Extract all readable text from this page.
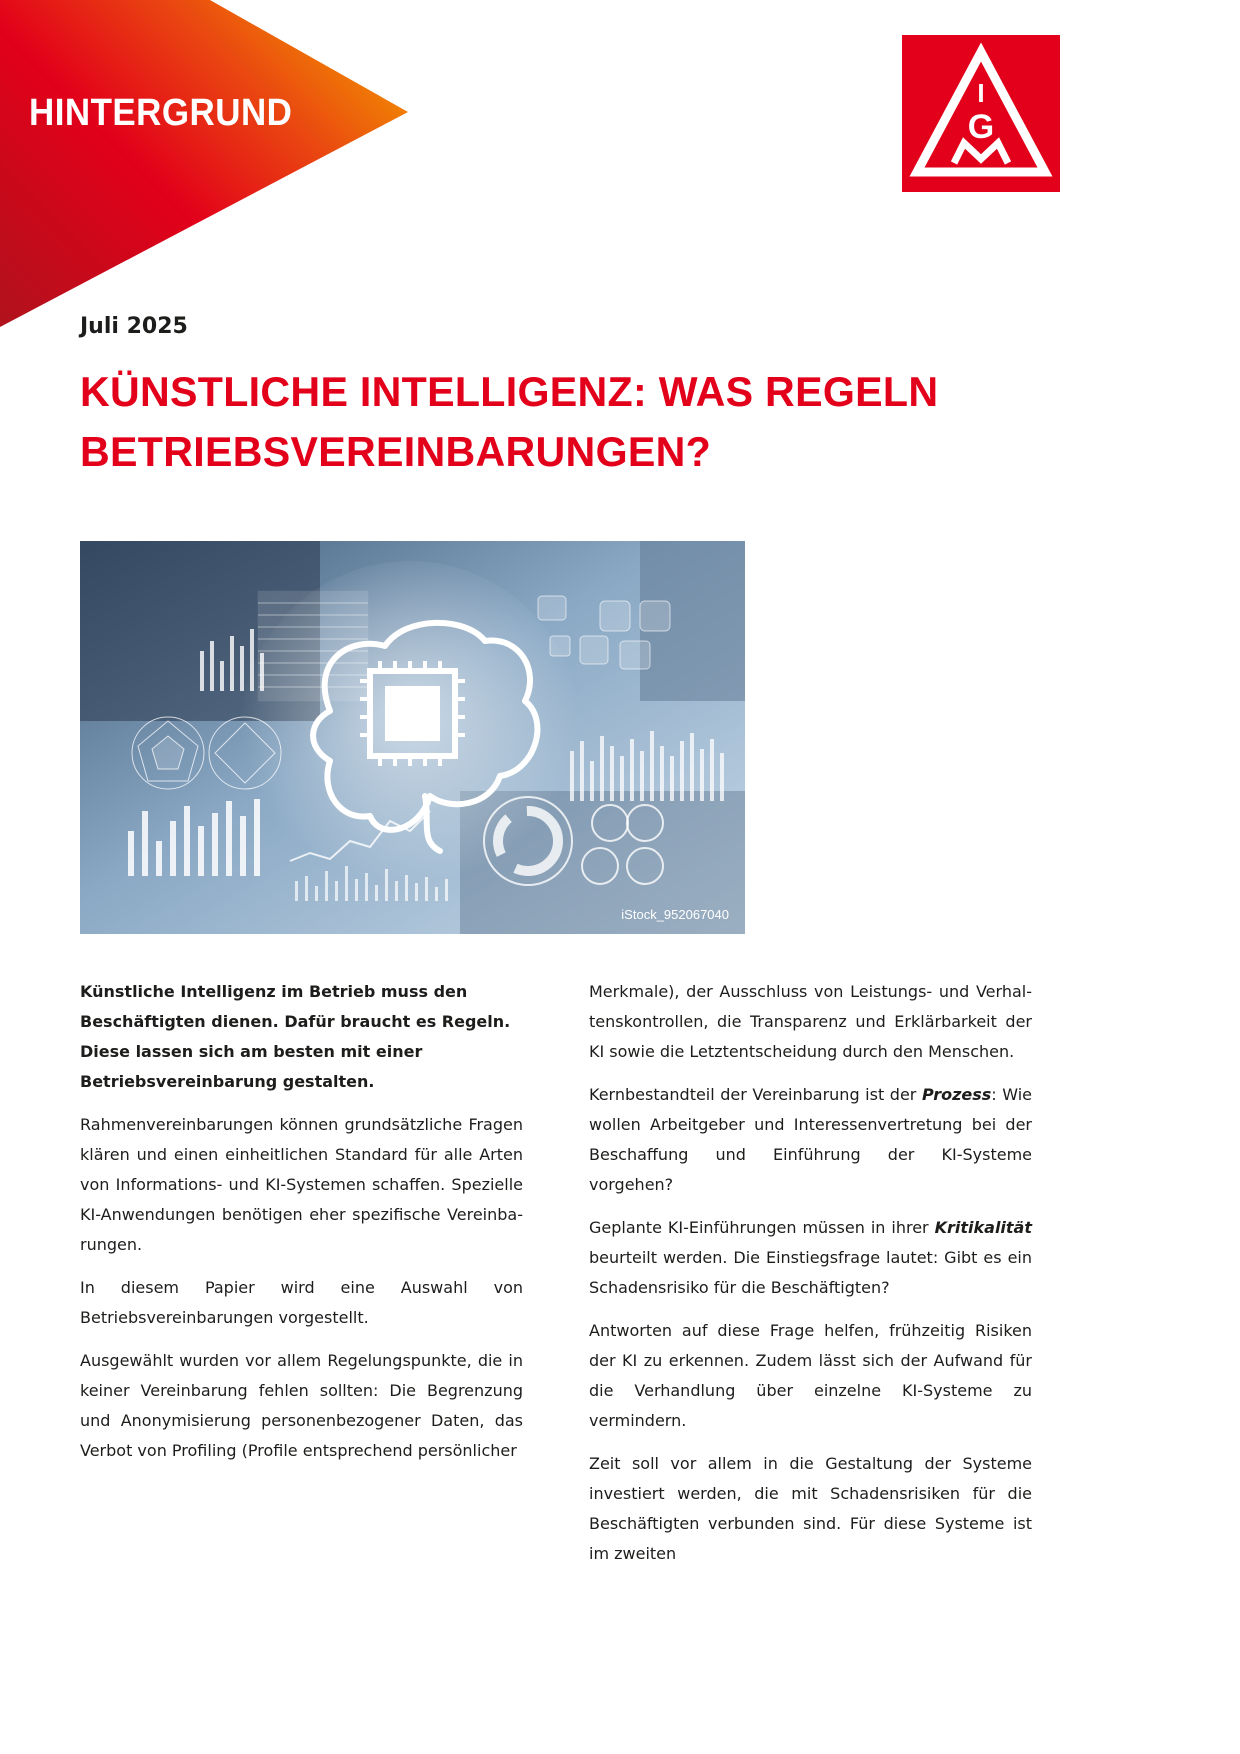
HINTERGRUND	I
G

Juli 2025

KÜNSTLICHE INTELLIGENZ: WAS REGELN
BETRIEBSVEREINBARUNGEN?
iStock_952067040

Künstliche Intelligenz im Betrieb muss den Beschäftigten dienen. Dafür braucht es Regeln. Diese lassen sich am besten mit einer Betriebsvereinbarung gestalten.

Rahmenvereinbarungen können grundsätzliche Fragen klären und einen einheitlichen Standard für alle Arten von Informations- und KI-Systemen schaffen. Spezielle KI-Anwendungen benötigen eher spezifische Vereinbarungen.

In diesem Papier wird eine Auswahl von Betriebsvereinbarungen vorgestellt.

Ausgewählt wurden vor allem Regelungspunkte, die in keiner Vereinbarung fehlen sollten: Die Begrenzung und Anonymisierung personenbezogener Daten, das Verbot von Profiling (Profile entsprechend persönlicher

Merkmale), der Ausschluss von Leistungs- und Verhaltenskontrollen, die Transparenz und Erklärbarkeit der KI sowie die Letztentscheidung durch den Menschen.

Kernbestandteil der Vereinbarung ist der Prozess: Wie wollen Arbeitgeber und Interessenvertretung bei der Beschaffung und Einführung der KI-Systeme vorgehen?

Geplante KI-Einführungen müssen in ihrer Kritikalität beurteilt werden. Die Einstiegsfrage lautet: Gibt es ein Schadensrisiko für die Beschäftigten?

Antworten auf diese Frage helfen, frühzeitig Risiken der KI zu erkennen. Zudem lässt sich der Aufwand für die Verhandlung über einzelne KI-Systeme zu vermindern.

Zeit soll vor allem in die Gestaltung der Systeme investiert werden, die mit Schadensrisiken für die Beschäftigten verbunden sind. Für diese Systeme ist im zweiten
